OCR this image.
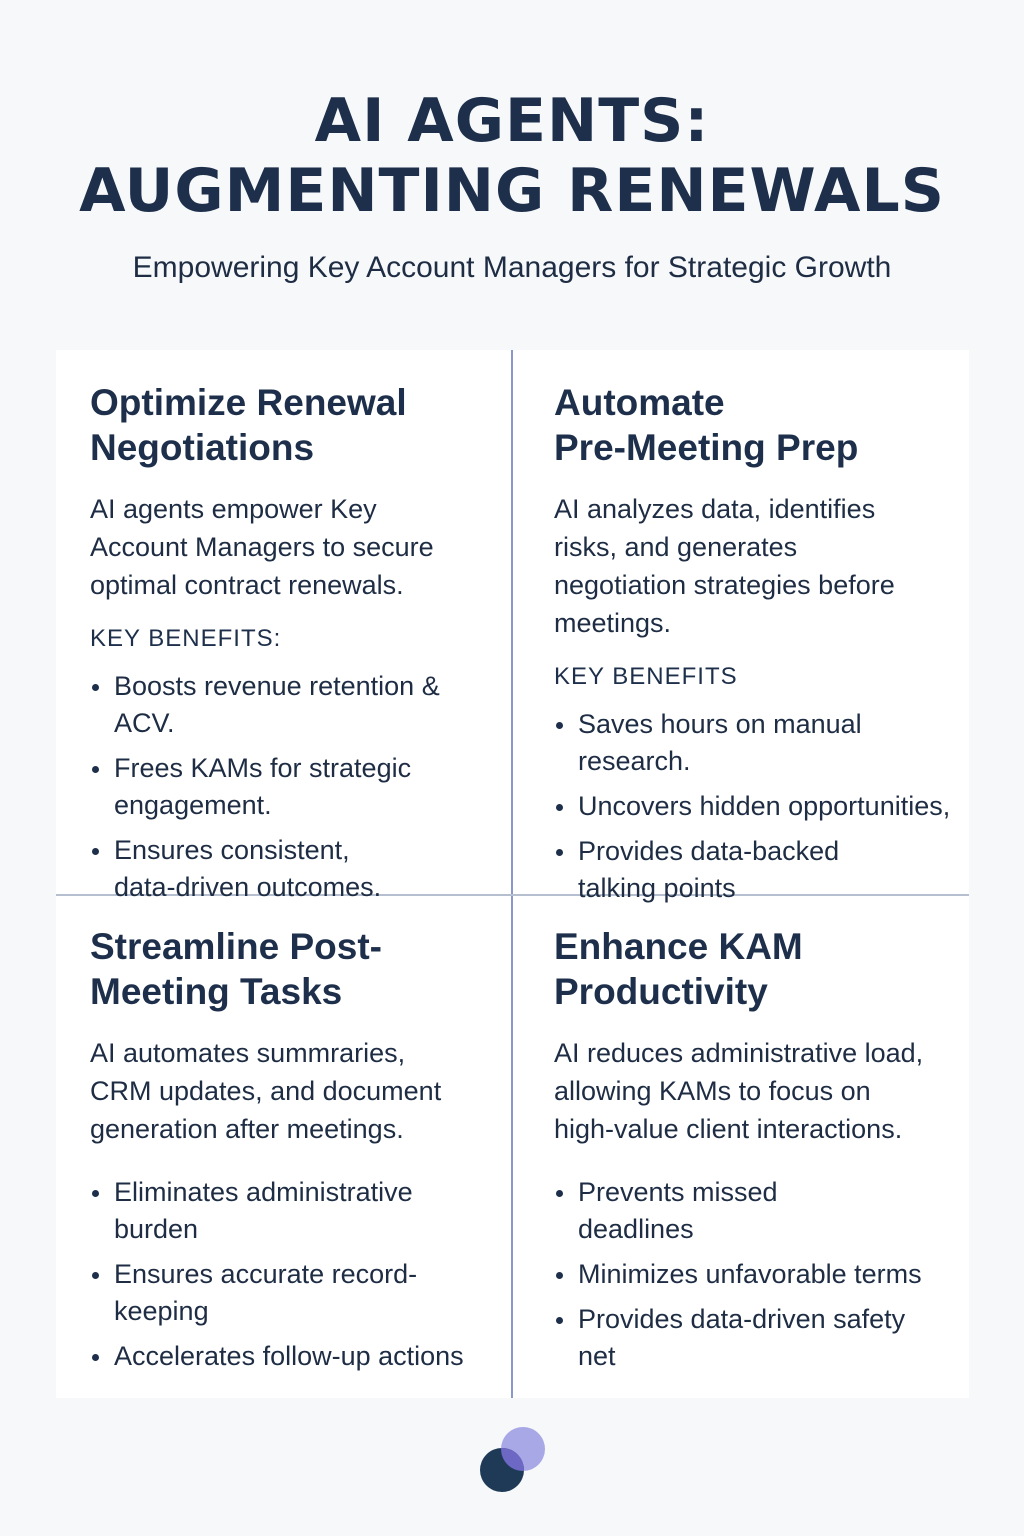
AI AGENTS:
AUGMENTING RENEWALS
Empowering Key Account Managers for Strategic Growth
Optimize Renewal
Negotiations
AI agents empower Key
Account Managers to secure
optimal contract renewals.
KEY BENEFITS:
Boosts revenue retention & ACV.
Frees KAMs for strategic
engagement.
Ensures consistent,
data-driven outcomes.
Automate
Pre-Meeting Prep
AI analyzes data, identifies
risks, and generates
negotiation strategies before
meetings.
KEY BENEFITS
Saves hours on manual research.
Uncovers hidden opportunities,
Provides data-backed
talking points
Streamline Post-
Meeting Tasks
AI automates summraries,
CRM updates, and document
generation after meetings.
Eliminates administrative
burden
Ensures accurate record-
keeping
Accelerates follow-up actions
Enhance KAM
Productivity
AI reduces administrative load,
allowing KAMs to focus on
high-value client interactions.
Prevents missed
deadlines
Minimizes unfavorable terms
Provides data-driven safety
net
